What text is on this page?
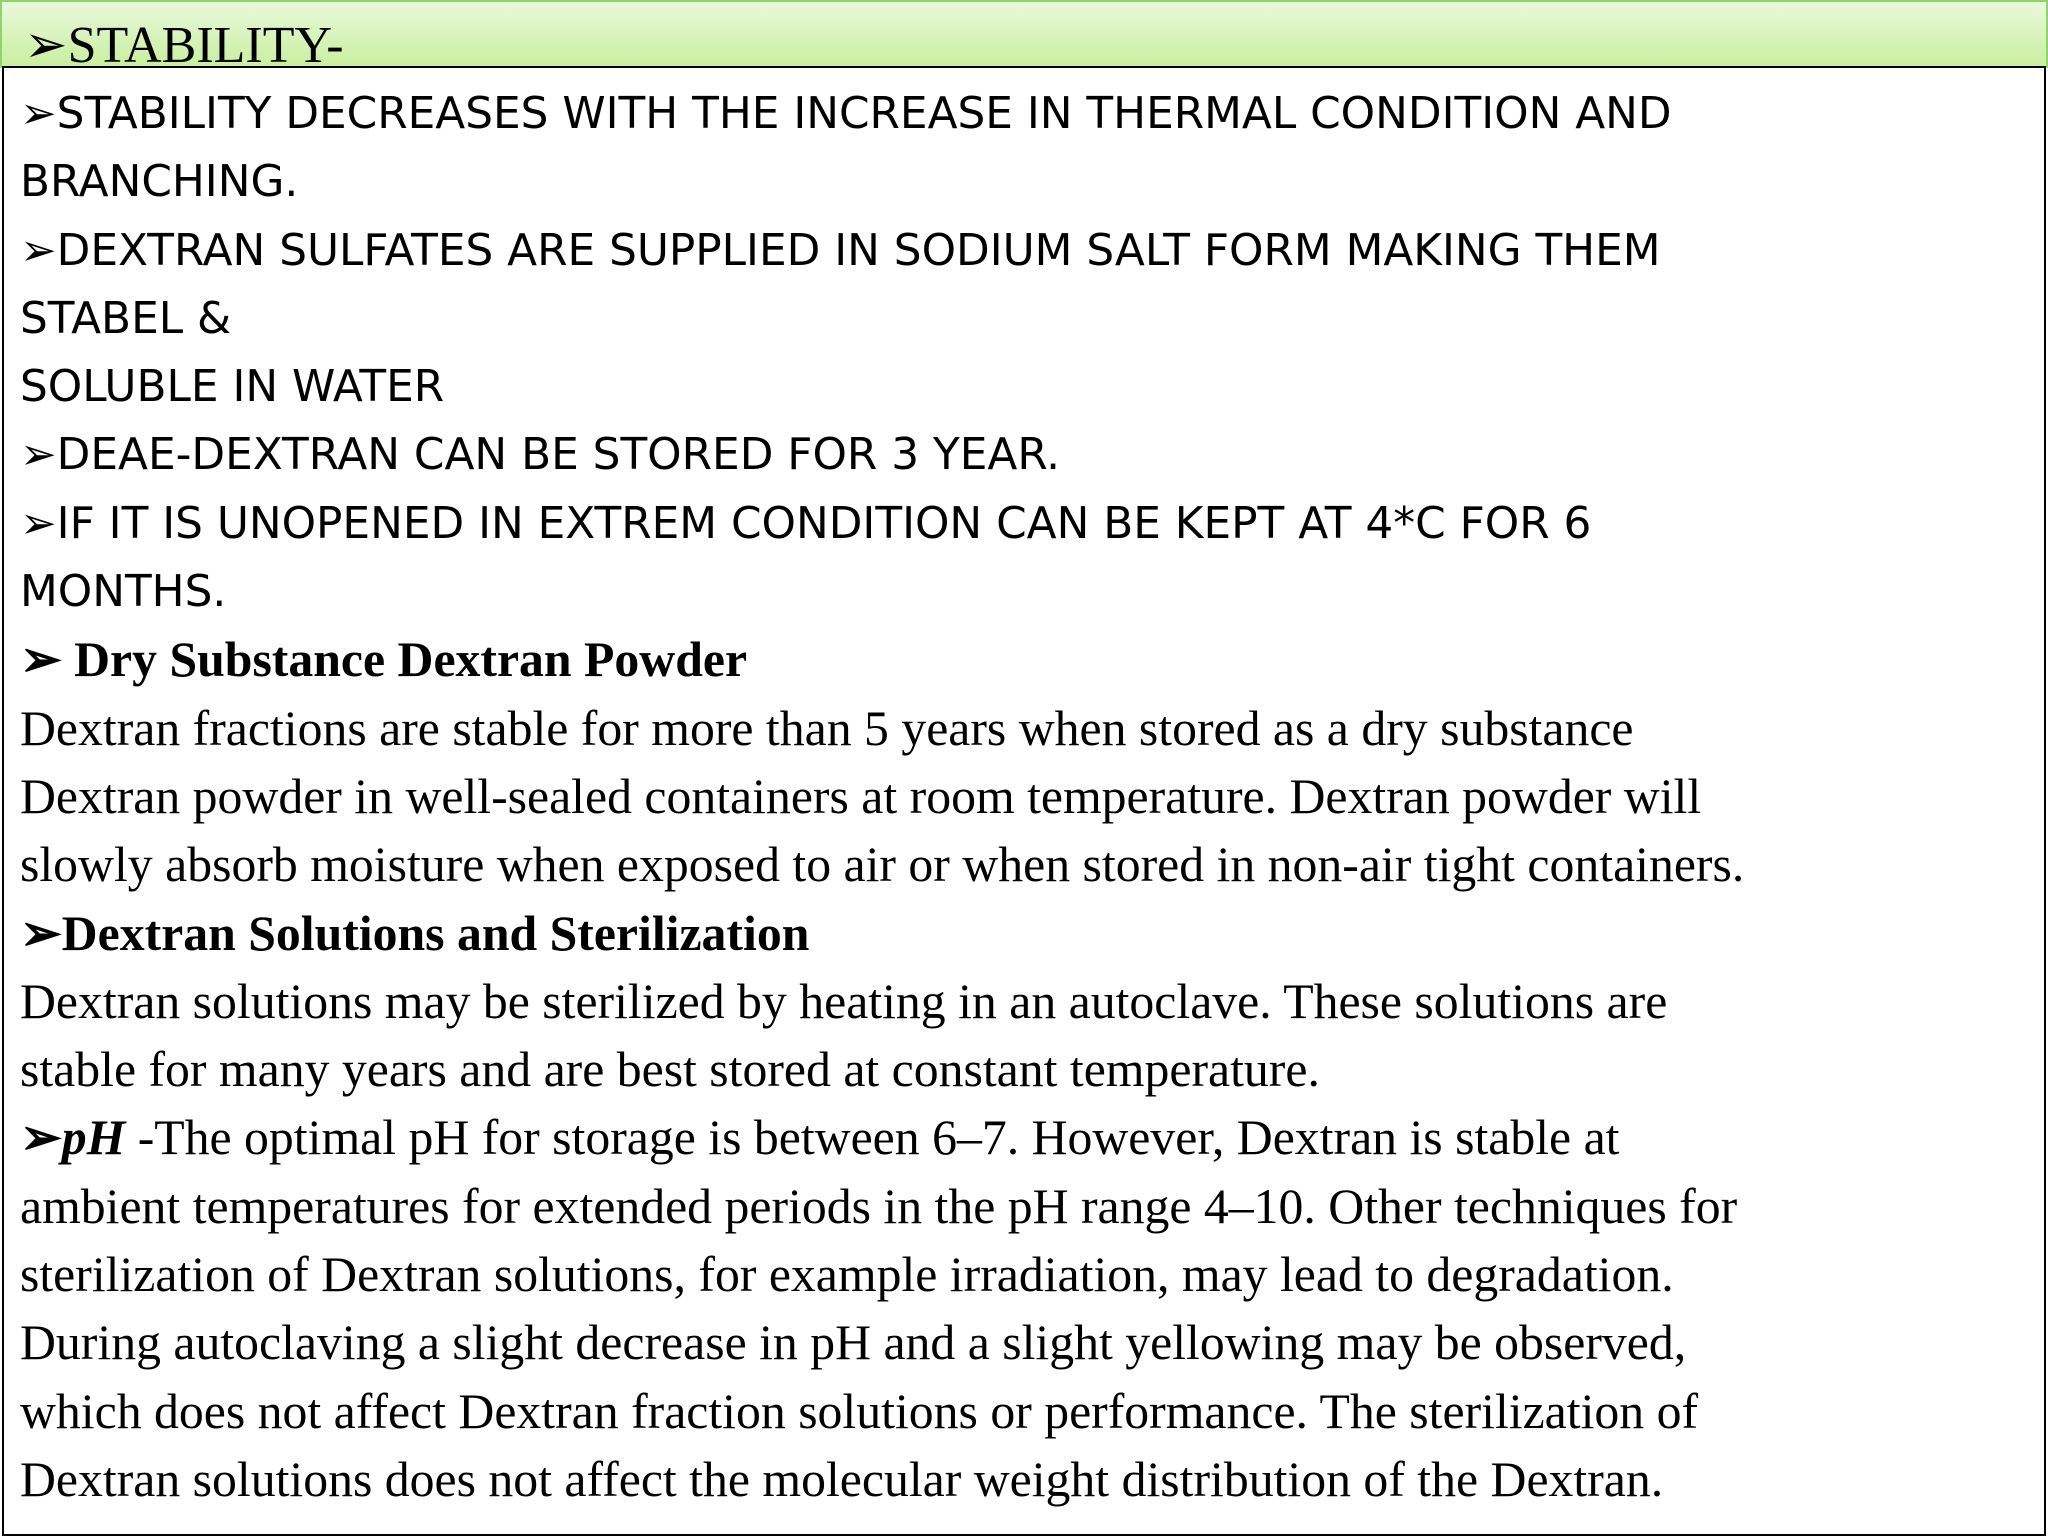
➢STABILITY-
➢STABILITY DECREASES WITH THE INCREASE IN THERMAL CONDITION AND
BRANCHING.
➢DEXTRAN SULFATES ARE SUPPLIED IN SODIUM SALT FORM MAKING THEM
STABEL &
SOLUBLE IN WATER
➢DEAE-DEXTRAN CAN BE STORED FOR 3 YEAR.
➢IF IT IS UNOPENED IN EXTREM CONDITION CAN BE KEPT AT 4*C FOR 6
MONTHS.
➢ Dry Substance Dextran Powder
Dextran fractions are stable for more than 5 years when stored as a dry substance
Dextran powder in well-sealed containers at room temperature. Dextran powder will
slowly absorb moisture when exposed to air or when stored in non-air tight containers.
➢Dextran Solutions and Sterilization
Dextran solutions may be sterilized by heating in an autoclave. These solutions are
stable for many years and are best stored at constant temperature.
➢pH -The optimal pH for storage is between 6–7. However, Dextran is stable at
ambient temperatures for extended periods in the pH range 4–10. Other techniques for
sterilization of Dextran solutions, for example irradiation, may lead to degradation.
During autoclaving a slight decrease in pH and a slight yellowing may be observed,
which does not affect Dextran fraction solutions or performance. The sterilization of
Dextran solutions does not affect the molecular weight distribution of the Dextran.
